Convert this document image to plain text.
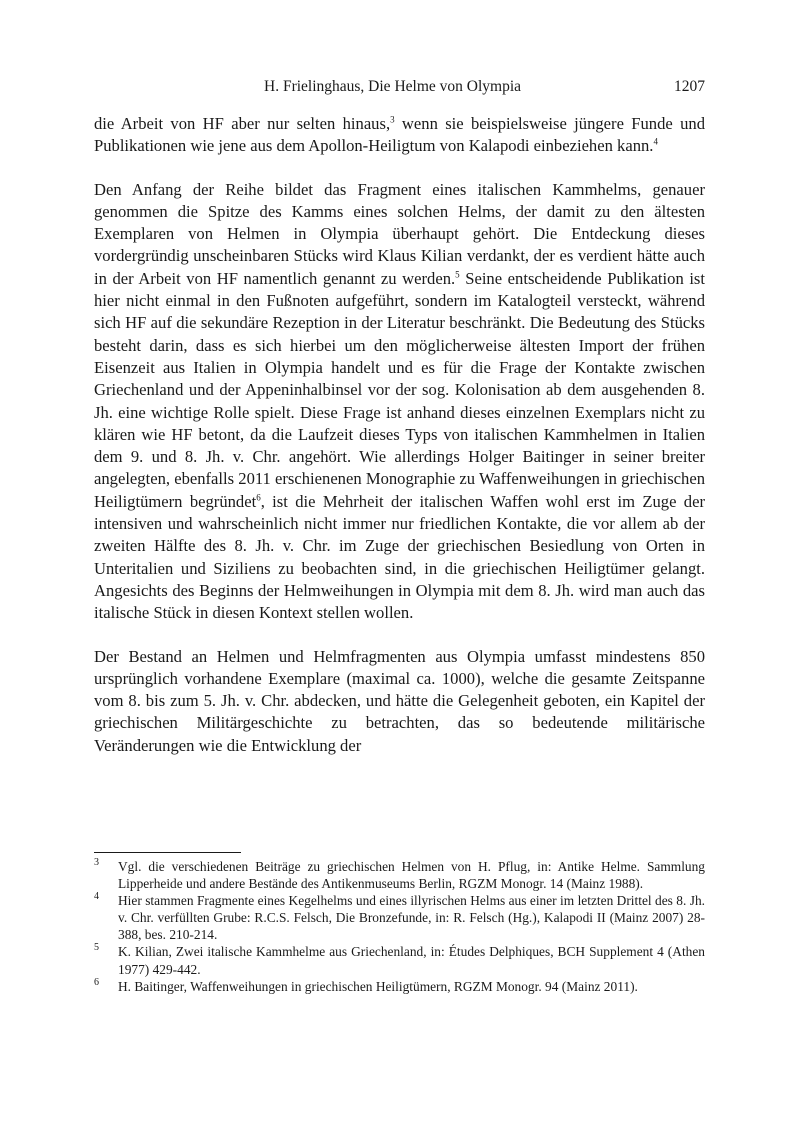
H. Frielinghaus, Die Helme von Olympia	1207

die Arbeit von HF aber nur selten hinaus,$^3$ wenn sie beispielsweise jüngere Funde und Publikationen wie jene aus dem Apollon-Heiligtum von Kalapodi einbeziehen kann.$^4$

Den Anfang der Reihe bildet das Fragment eines italischen Kammhelms, genauer genommen die Spitze des Kamms eines solchen Helms, der damit zu den ältesten Exemplaren von Helmen in Olympia überhaupt gehört. Die Entdeckung dieses vordergründig unscheinbaren Stücks wird Klaus Kilian verdankt, der es verdient hätte auch in der Arbeit von HF namentlich genannt zu werden.$^5$ Seine entscheidende Publikation ist hier nicht einmal in den Fußnoten aufgeführt, sondern im Katalogteil versteckt, während sich HF auf die sekundäre Rezeption in der Literatur beschränkt. Die Bedeutung des Stücks besteht darin, dass es sich hierbei um den möglicherweise ältesten Import der frühen Eisenzeit aus Italien in Olympia handelt und es für die Frage der Kontakte zwischen Griechenland und der Appeninhalbinsel vor der sog. Kolonisation ab dem ausgehenden 8. Jh. eine wichtige Rolle spielt. Diese Frage ist anhand dieses einzelnen Exemplars nicht zu klären wie HF betont, da die Laufzeit dieses Typs von italischen Kammhelmen in Italien dem 9. und 8. Jh. v. Chr. angehört. Wie allerdings Holger Baitinger in seiner breiter angelegten, ebenfalls 2011 erschienenen Monographie zu Waffenweihungen in griechischen Heiligtümern begründet$^6$, ist die Mehrheit der italischen Waffen wohl erst im Zuge der intensiven und wahrscheinlich nicht immer nur friedlichen Kontakte, die vor allem ab der zweiten Hälfte des 8. Jh. v. Chr. im Zuge der griechischen Besiedlung von Orten in Unteritalien und Siziliens zu beobachten sind, in die griechischen Heiligtümer gelangt. Angesichts des Beginns der Helmweihungen in Olympia mit dem 8. Jh. wird man auch das italische Stück in diesen Kontext stellen wollen.

Der Bestand an Helmen und Helmfragmenten aus Olympia umfasst mindestens 850 ursprünglich vorhandene Exemplare (maximal ca. 1000), welche die gesamte Zeitspanne vom 8. bis zum 5. Jh. v. Chr. abdecken, und hätte die Gelegenheit geboten, ein Kapitel der griechischen Militärgeschichte zu betrachten, das so bedeutende militärische Veränderungen wie die Entwicklung der

3 Vgl. die verschiedenen Beiträge zu griechischen Helmen von H. Pflug, in: Antike Helme. Sammlung Lipperheide und andere Bestände des Antikenmuseums Berlin, RGZM Monogr. 14 (Mainz 1988).
4 Hier stammen Fragmente eines Kegelhelms und eines illyrischen Helms aus einer im letzten Drittel des 8. Jh. v. Chr. verfüllten Grube: R.C.S. Felsch, Die Bronzefunde, in: R. Felsch (Hg.), Kalapodi II (Mainz 2007) 28-388, bes. 210-214.
5 K. Kilian, Zwei italische Kammhelme aus Griechenland, in: Études Delphiques, BCH Supplement 4 (Athen 1977) 429-442.
6 H. Baitinger, Waffenweihungen in griechischen Heiligtümern, RGZM Monogr. 94 (Mainz 2011).
